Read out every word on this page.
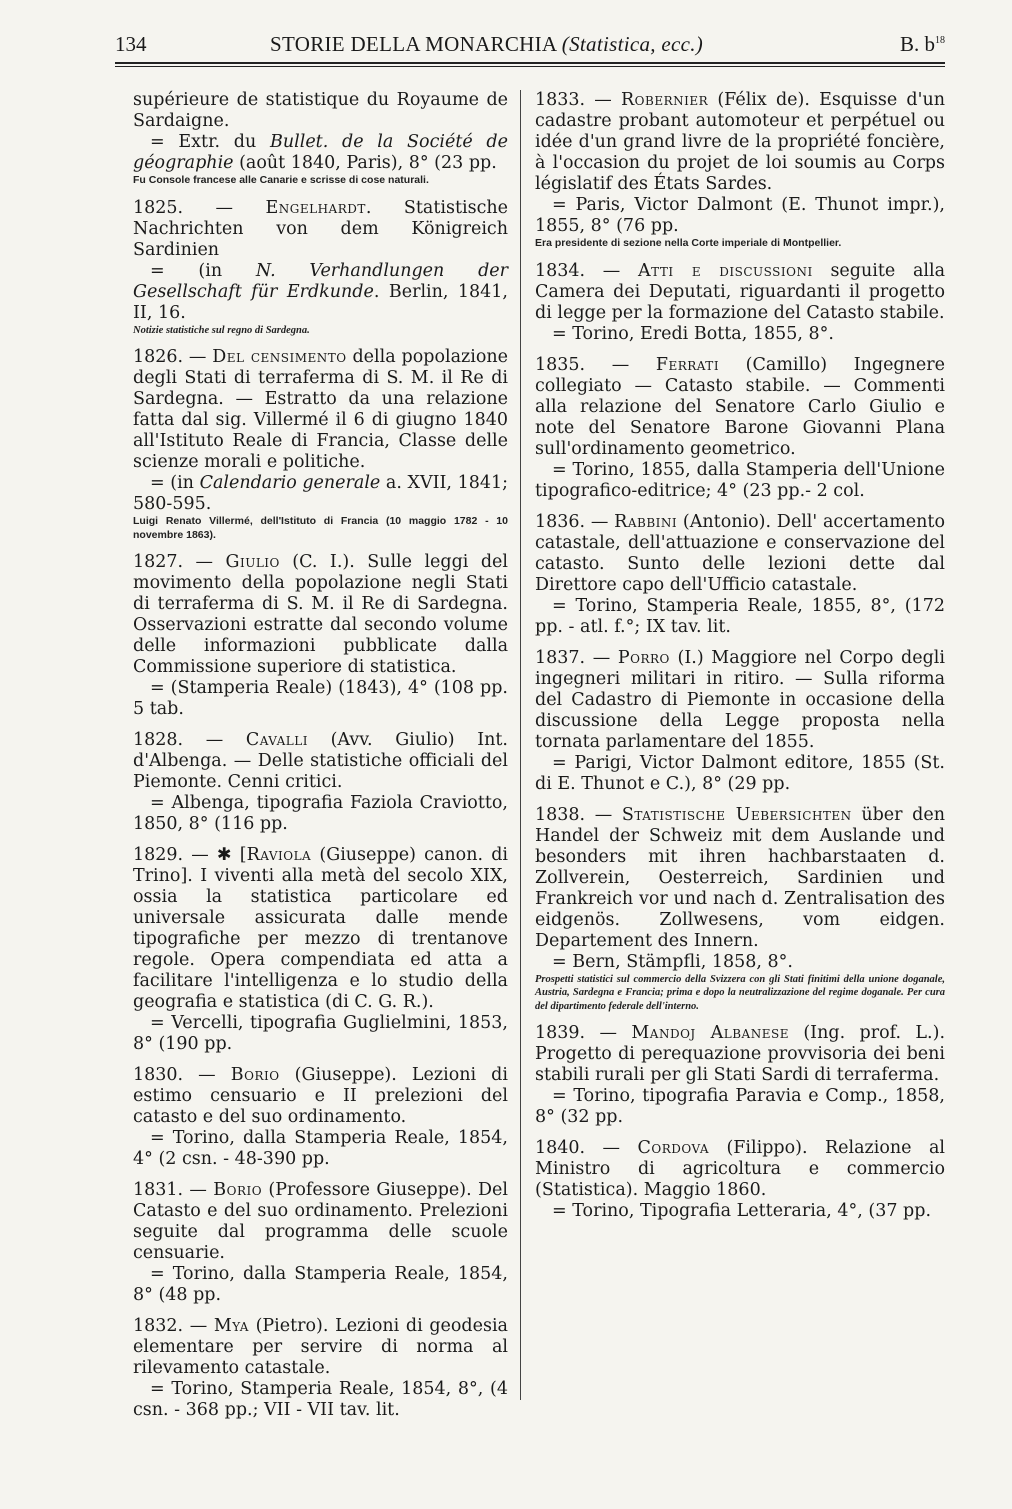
134	STORIE DELLA MONARCHIA (Statistica, ecc.)	B. $b^{18}$

supérieure de statistique du Royaume de Sardaigne.

= Extr. du Bullet. de la Société de géographie (août 1840, Paris), 8° (23 pp.

Fu Console francese alle Canarie e scrisse di cose naturali.

1825. — Engelhardt. Statistische Nachrichten von dem Königreich Sardinien

= (in N. Verhandlungen der Gesellschaft für Erdkunde. Berlin, 1841, II, 16.

Notizie statistiche sul regno di Sardegna.

1826. — Del censimento della popolazione degli Stati di terraferma di S. M. il Re di Sardegna. — Estratto da una relazione fatta dal sig. Villermé il 6 di giugno 1840 all'Istituto Reale di Francia, Classe delle scienze morali e politiche.

= (in Calendario generale a. XVII, 1841; 580-595.

Luigi Renato Villermé, dell'Istituto di Francia (10 maggio 1782 - 10 novembre 1863).

1827. — Giulio (C. I.). Sulle leggi del movimento della popolazione negli Stati di terraferma di S. M. il Re di Sardegna. Osservazioni estratte dal secondo volume delle informazioni pubblicate dalla Commissione superiore di statistica.

= (Stamperia Reale) (1843), 4° (108 pp. 5 tab.

1828. — Cavalli (Avv. Giulio) Int. d'Albenga. — Delle statistiche officiali del Piemonte. Cenni critici.

= Albenga, tipografia Faziola Craviotto, 1850, 8° (116 pp.

1829. — ✱ [Raviola (Giuseppe) canon. di Trino]. I viventi alla metà del secolo XIX, ossia la statistica particolare ed universale assicurata dalle mende tipografiche per mezzo di trentanove regole. Opera compendiata ed atta a facilitare l'intelligenza e lo studio della geografia e statistica (di C. G. R.).

= Vercelli, tipografia Guglielmini, 1853, 8° (190 pp.

1830. — Borio (Giuseppe). Lezioni di estimo censuario e II prelezioni del catasto e del suo ordinamento.

= Torino, dalla Stamperia Reale, 1854, 4° (2 csn. - 48-390 pp.

1831. — Borio (Professore Giuseppe). Del Catasto e del suo ordinamento. Prelezioni seguite dal programma delle scuole censuarie.

= Torino, dalla Stamperia Reale, 1854, 8° (48 pp.

1832. — Mya (Pietro). Lezioni di geodesia elementare per servire di norma al rilevamento catastale.

= Torino, Stamperia Reale, 1854, 8°, (4 csn. - 368 pp.; VII - VII tav. lit.

1833. — Robernier (Félix de). Esquisse d'un cadastre probant automoteur et perpétuel ou idée d'un grand livre de la propriété foncière, à l'occasion du projet de loi soumis au Corps législatif des États Sardes.

= Paris, Victor Dalmont (E. Thunot impr.), 1855, 8° (76 pp.

Era presidente di sezione nella Corte imperiale di Montpellier.

1834. — Atti e discussioni seguite alla Camera dei Deputati, riguardanti il progetto di legge per la formazione del Catasto stabile.

= Torino, Eredi Botta, 1855, 8°.

1835. — Ferrati (Camillo) Ingegnere collegiato — Catasto stabile. — Commenti alla relazione del Senatore Carlo Giulio e note del Senatore Barone Giovanni Plana sull'ordinamento geometrico.

= Torino, 1855, dalla Stamperia dell'Unione tipografico-editrice; 4° (23 pp.- 2 col.

1836. — Rabbini (Antonio). Dell' accertamento catastale, dell'attuazione e conservazione del catasto. Sunto delle lezioni dette dal Direttore capo dell'Ufficio catastale.

= Torino, Stamperia Reale, 1855, 8°, (172 pp. - atl. f.°; IX tav. lit.

1837. — Porro (I.) Maggiore nel Corpo degli ingegneri militari in ritiro. — Sulla riforma del Cadastro di Piemonte in occasione della discussione della Legge proposta nella tornata parlamentare del 1855.

= Parigi, Victor Dalmont editore, 1855 (St. di E. Thunot e C.), 8° (29 pp.

1838. — Statistische Uebersichten über den Handel der Schweiz mit dem Auslande und besonders mit ihren hachbarstaaten d. Zollverein, Oesterreich, Sardinien und Frankreich vor und nach d. Zentralisation des eidgenös. Zollwesens, vom eidgen. Departement des Innern.

= Bern, Stämpfli, 1858, 8°.

Prospetti statistici sul commercio della Svizzera con gli Stati finitimi della unione doganale, Austria, Sardegna e Francia; prima e dopo la neutralizzazione del regime doganale. Per cura del dipartimento federale dell'interno.

1839. — Mandoj Albanese (Ing. prof. L.). Progetto di perequazione provvisoria dei beni stabili rurali per gli Stati Sardi di terraferma.

= Torino, tipografia Paravia e Comp., 1858, 8° (32 pp.

1840. — Cordova (Filippo). Relazione al Ministro di agricoltura e commercio (Statistica). Maggio 1860.

= Torino, Tipografia Letteraria, 4°, (37 pp.
